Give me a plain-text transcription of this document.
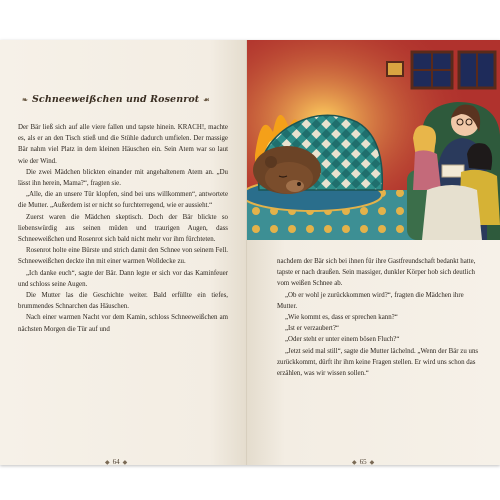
❧ Schneeweißchen und Rosenrot ☙

Der Bär ließ sich auf alle viere fallen und tapste hinein. KRACH!, machte es, als er an den Tisch stieß und die Stühle dadurch umfielen. Der massige Bär nahm viel Platz in dem kleinen Häuschen ein. Sein Atem war so laut wie der Wind.

Die zwei Mädchen blickten einander mit angehaltenem Atem an. „Du lässt ihn herein, Mama?“, fragten sie.

„Alle, die an unsere Tür klopfen, sind bei uns willkommen“, antwortete die Mutter. „Außerdem ist er nicht so furchterregend, wie er aussieht.“

Zuerst waren die Mädchen skeptisch. Doch der Bär blickte so liebenswürdig aus seinen müden und traurigen Augen, dass Schneeweißchen und Rosenrot sich bald nicht mehr vor ihm fürchteten.

Rosenrot holte eine Bürste und strich damit den Schnee von seinem Fell. Schneeweißchen deckte ihn mit einer warmen Wolldecke zu.

„Ich danke euch“, sagte der Bär. Dann legte er sich vor das Kaminfeuer und schloss seine Augen.

Die Mutter las die Geschichte weiter. Bald erfüllte ein tiefes, brummendes Schnarchen das Häuschen.

Nach einer warmen Nacht vor dem Kamin, schloss Schneeweißchen am nächsten Morgen die Tür auf und

◆ 64 ◆

nachdem der Bär sich bei ihnen für ihre Gastfreundschaft bedankt hatte, tapste er nach draußen. Sein massiger, dunkler Körper hob sich deutlich vom weißen Schnee ab.

„Ob er wohl je zurückkommen wird?“, fragten die Mädchen ihre Mutter.

„Wie kommt es, dass er sprechen kann?“

„Ist er verzaubert?“

„Oder steht er unter einem bösen Fluch?“

„Jetzt seid mal still“, sagte die Mutter lächelnd. „Wenn der Bär zu uns zurückkommt, dürft ihr ihm keine Fragen stellen. Er wird uns schon das erzählen, was wir wissen sollen.“

◆ 65 ◆
